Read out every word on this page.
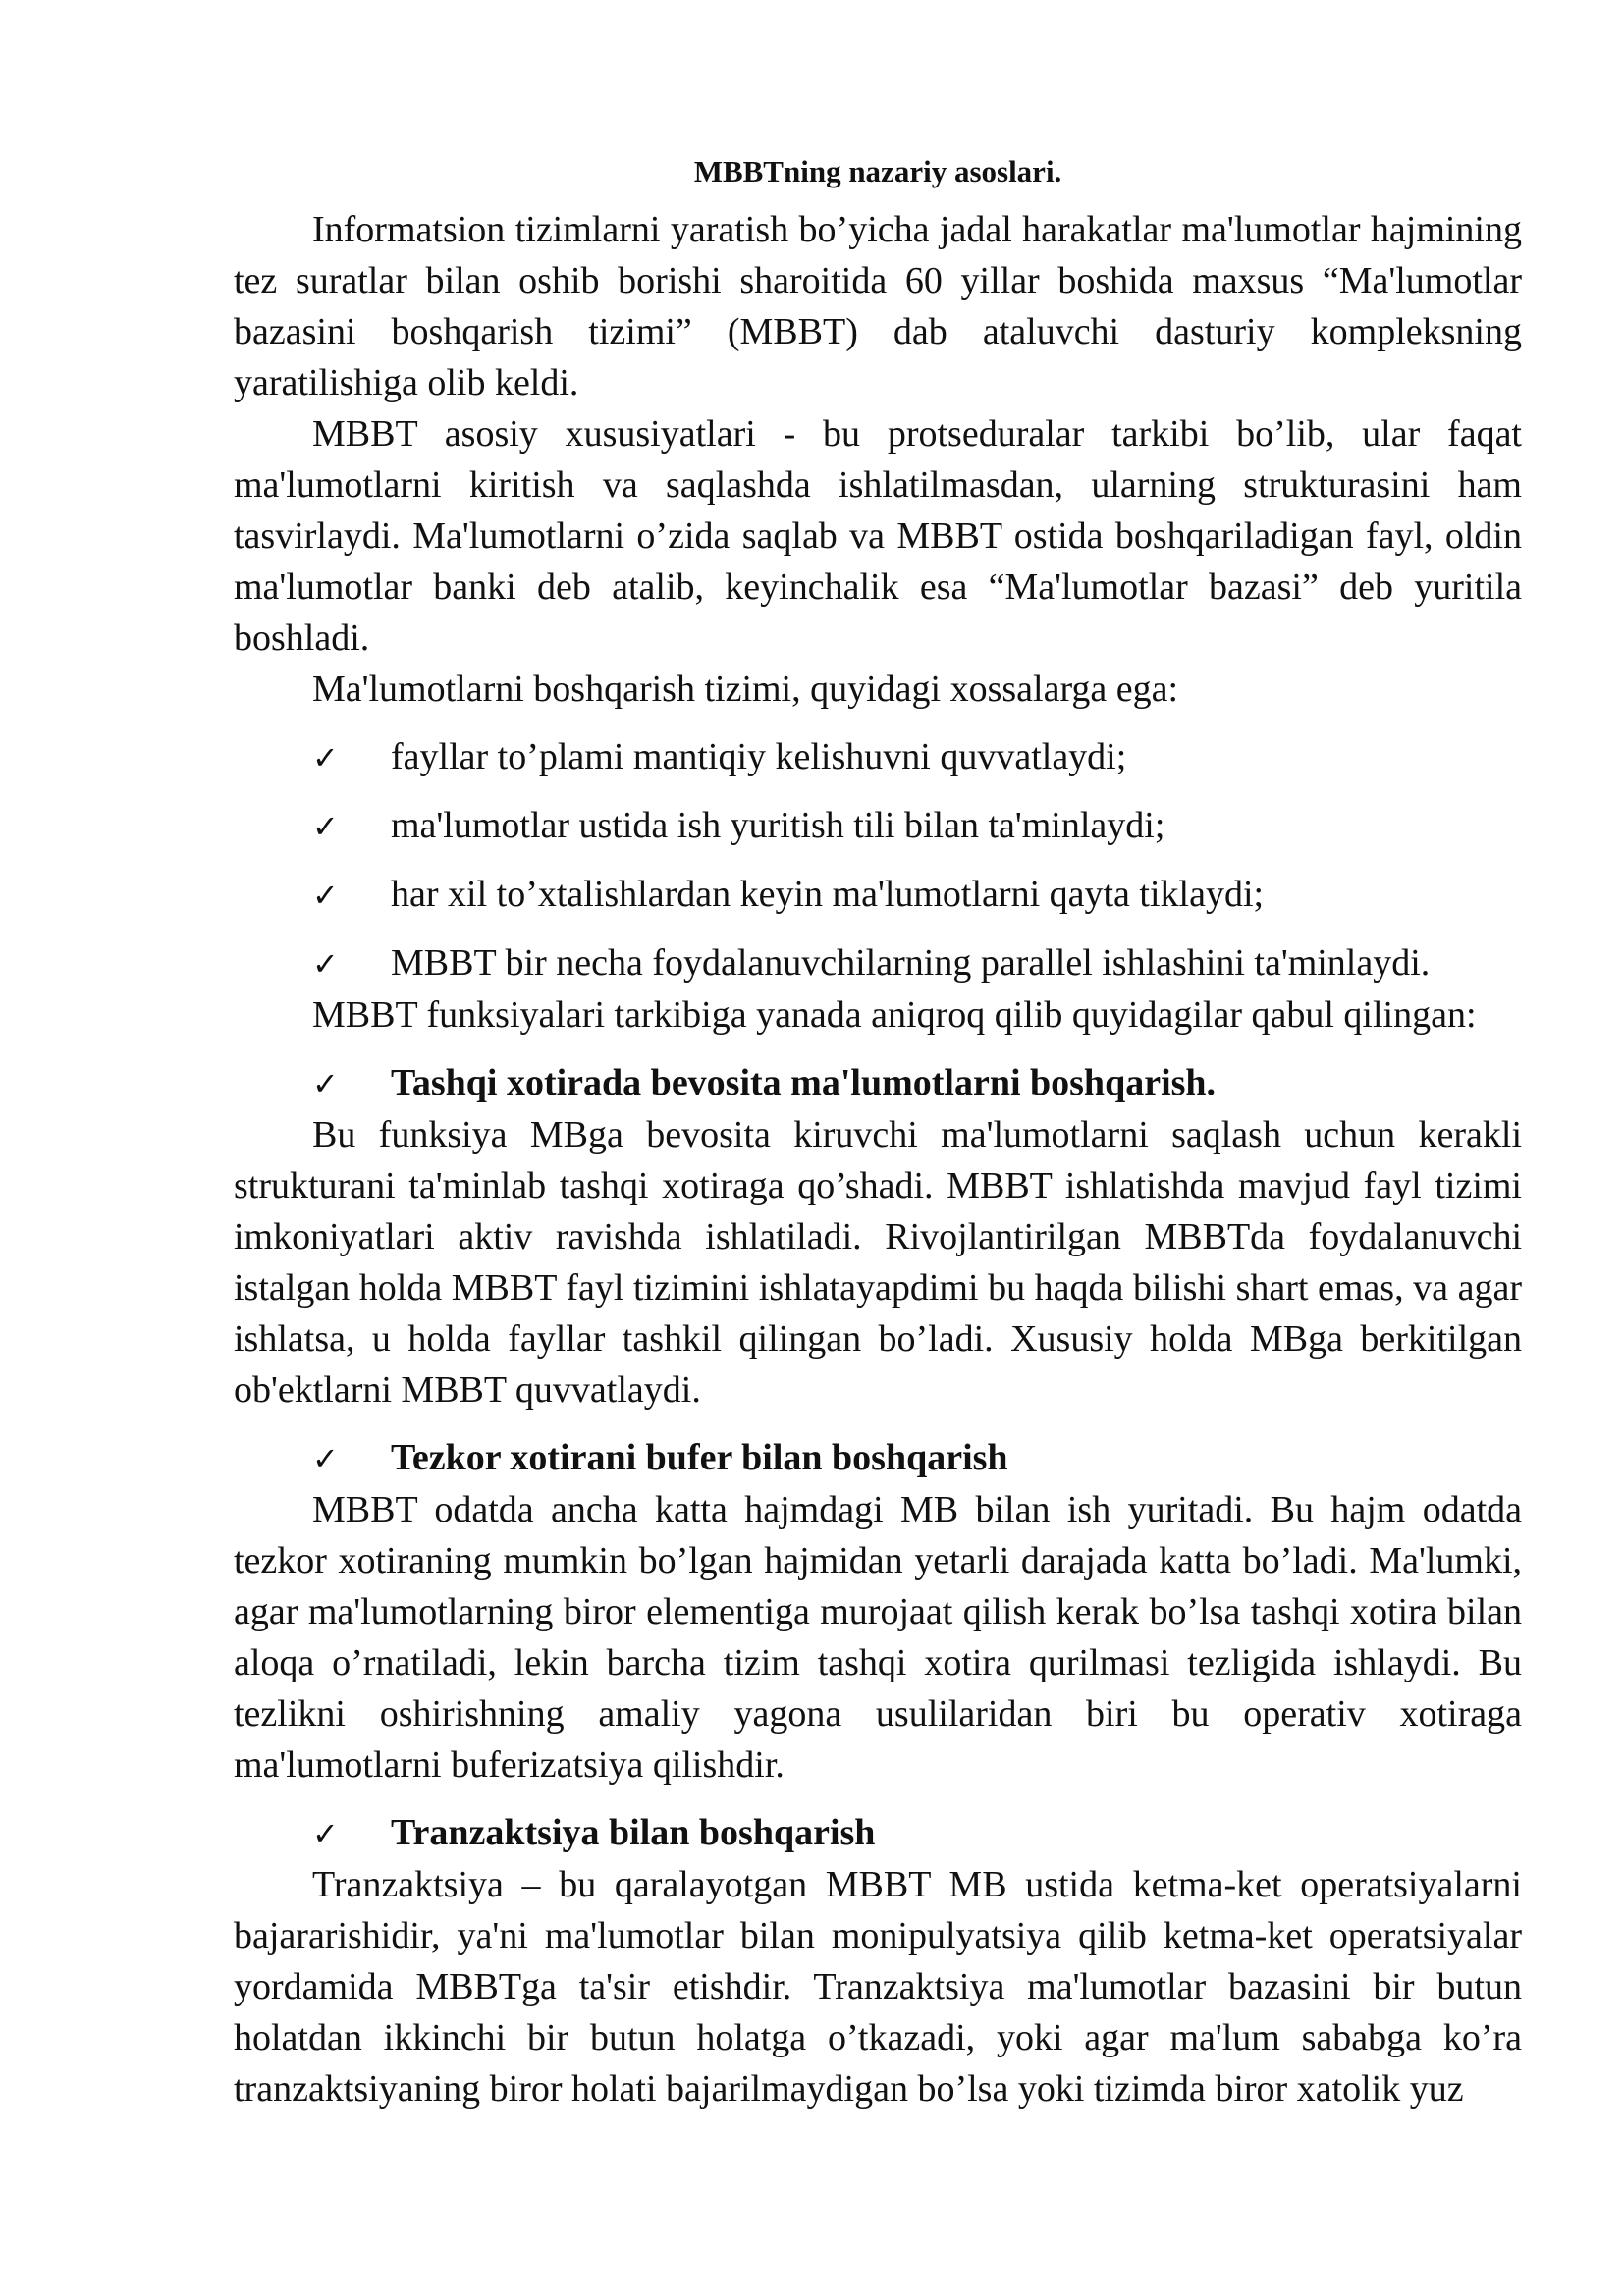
MBBTning nazariy asoslari.

Informatsion tizimlarni yaratish bo’yicha jadal harakatlar ma'lumotlar hajmining tez suratlar bilan oshib borishi sharoitida 60 yillar boshida maxsus “Ma'lumotlar bazasini boshqarish tizimi” (MBBT) dab ataluvchi dasturiy kompleksning yaratilishiga olib keldi.

MBBT asosiy xususiyatlari - bu protseduralar tarkibi bo’lib, ular faqat ma'lumotlarni kiritish va saqlashda ishlatilmasdan, ularning strukturasini ham tasvirlaydi. Ma'lumotlarni o’zida saqlab va MBBT ostida boshqariladigan fayl, oldin ma'lumotlar banki deb atalib, keyinchalik esa “Ma'lumotlar bazasi” deb yuritila boshladi.

Ma'lumotlarni boshqarish tizimi, quyidagi xossalarga ega:

✓	fayllar to’plami mantiqiy kelishuvni quvvatlaydi;
✓	ma'lumotlar ustida ish yuritish tili bilan ta'minlaydi;
✓	har xil to’xtalishlardan keyin ma'lumotlarni qayta tiklaydi;
✓	MBBT bir necha foydalanuvchilarning parallel ishlashini ta'minlaydi.

MBBT funksiyalari tarkibiga yanada aniqroq qilib quyidagilar qabul qilingan:

✓	Tashqi xotirada bevosita ma'lumotlarni boshqarish.

Bu funksiya MBga bevosita kiruvchi ma'lumotlarni saqlash uchun kerakli strukturani ta'minlab tashqi xotiraga qo’shadi. MBBT ishlatishda mavjud fayl tizimi imkoniyatlari aktiv ravishda ishlatiladi. Rivojlantirilgan MBBTda foydalanuvchi istalgan holda MBBT fayl tizimini ishlatayapdimi bu haqda bilishi shart emas, va agar ishlatsa, u holda fayllar tashkil qilingan bo’ladi. Xususiy holda MBga berkitilgan ob'ektlarni MBBT quvvatlaydi.

✓	Tezkor xotirani bufer bilan boshqarish

MBBT odatda ancha katta hajmdagi MB bilan ish yuritadi. Bu hajm odatda tezkor xotiraning mumkin bo’lgan hajmidan yetarli darajada katta bo’ladi. Ma'lumki, agar ma'lumotlarning biror elementiga murojaat qilish kerak bo’lsa tashqi xotira bilan aloqa o’rnatiladi, lekin barcha tizim tashqi xotira qurilmasi tezligida ishlaydi. Bu tezlikni oshirishning amaliy yagona usulilaridan biri bu operativ xotiraga ma'lumotlarni buferizatsiya qilishdir.

✓	Tranzaktsiya bilan boshqarish

Tranzaktsiya – bu qaralayotgan MBBT MB ustida ketma-ket operatsiyalarni bajararishidir, ya'ni ma'lumotlar bilan monipulyatsiya qilib ketma-ket operatsiyalar yordamida MBBTga ta'sir etishdir. Tranzaktsiya ma'lumotlar bazasini bir butun holatdan ikkinchi bir butun holatga o’tkazadi, yoki agar ma'lum sababga ko’ra tranzaktsiyaning biror holati bajarilmaydigan bo’lsa yoki tizimda biror xatolik yuz
